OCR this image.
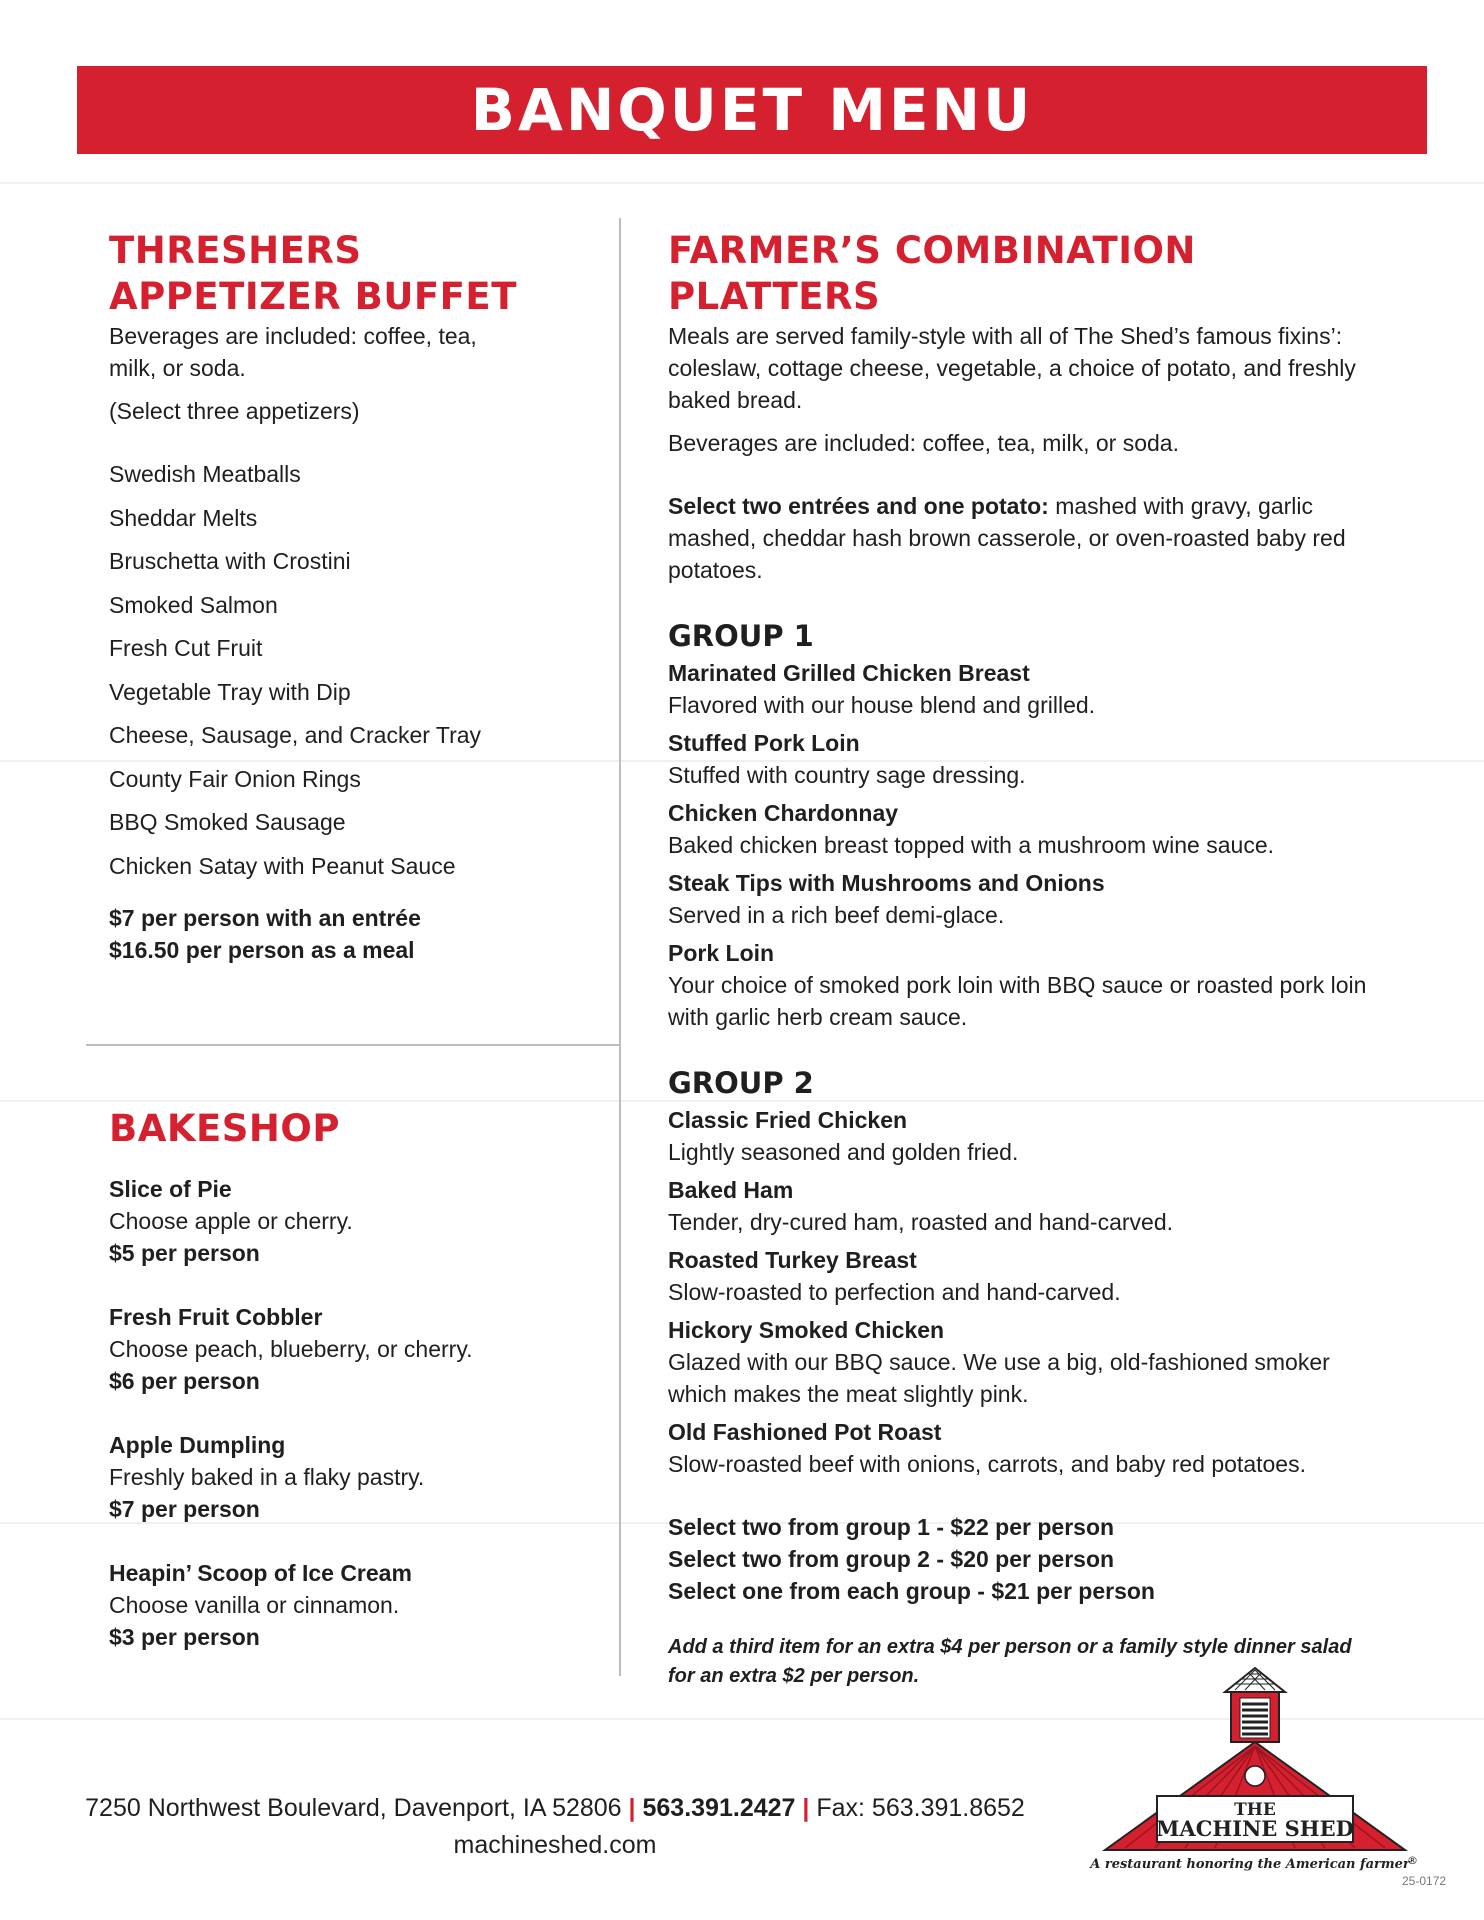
BANQUET MENU
THRESHERS
APPETIZER BUFFET

Beverages are included: coffee, tea, milk, or soda.

(Select three appetizers)

Swedish Meatballs

Sheddar Melts

Bruschetta with Crostini

Smoked Salmon

Fresh Cut Fruit

Vegetable Tray with Dip

Cheese, Sausage, and Cracker Tray

County Fair Onion Rings

BBQ Smoked Sausage

Chicken Satay with Peanut Sauce

$7 per person with an entrée

$16.50 per person as a meal

BAKESHOP

Slice of Pie

Choose apple or cherry.

$5 per person

Fresh Fruit Cobbler

Choose peach, blueberry, or cherry.

$6 per person

Apple Dumpling

Freshly baked in a flaky pastry.

$7 per person

Heapin’ Scoop of Ice Cream

Choose vanilla or cinnamon.

$3 per person

FARMER’S COMBINATION PLATTERS

Meals are served family-style with all of The Shed’s famous fixins’: coleslaw, cottage cheese, vegetable, a choice of potato, and freshly baked bread.

Beverages are included: coffee, tea, milk, or soda.

Select two entrées and one potato: mashed with gravy, garlic mashed, cheddar hash brown casserole, or oven-roasted baby red potatoes.

GROUP 1

Marinated Grilled Chicken Breast

Flavored with our house blend and grilled.

Stuffed Pork Loin

Stuffed with country sage dressing.

Chicken Chardonnay

Baked chicken breast topped with a mushroom wine sauce.

Steak Tips with Mushrooms and Onions

Served in a rich beef demi-glace.

Pork Loin

Your choice of smoked pork loin with BBQ sauce or roasted pork loin with garlic herb cream sauce.

GROUP 2

Classic Fried Chicken

Lightly seasoned and golden fried.

Baked Ham

Tender, dry-cured ham, roasted and hand-carved.

Roasted Turkey Breast

Slow-roasted to perfection and hand-carved.

Hickory Smoked Chicken

Glazed with our BBQ sauce. We use a big, old-fashioned smoker which makes the meat slightly pink.

Old Fashioned Pot Roast

Slow-roasted beef with onions, carrots, and baby red potatoes.

Select two from group 1 - $22 per person

Select two from group 2 - $20 per person

Select one from each group - $21 per person

Add a third item for an extra $4 per person or a family style dinner salad for an extra $2 per person.

7250 Northwest Boulevard, Davenport, IA 52806 | 563.391.2427 | Fax: 563.391.8652
machineshed.com
THE
MACHINE SHED
A restaurant honoring the American farmer
®
25-0172
